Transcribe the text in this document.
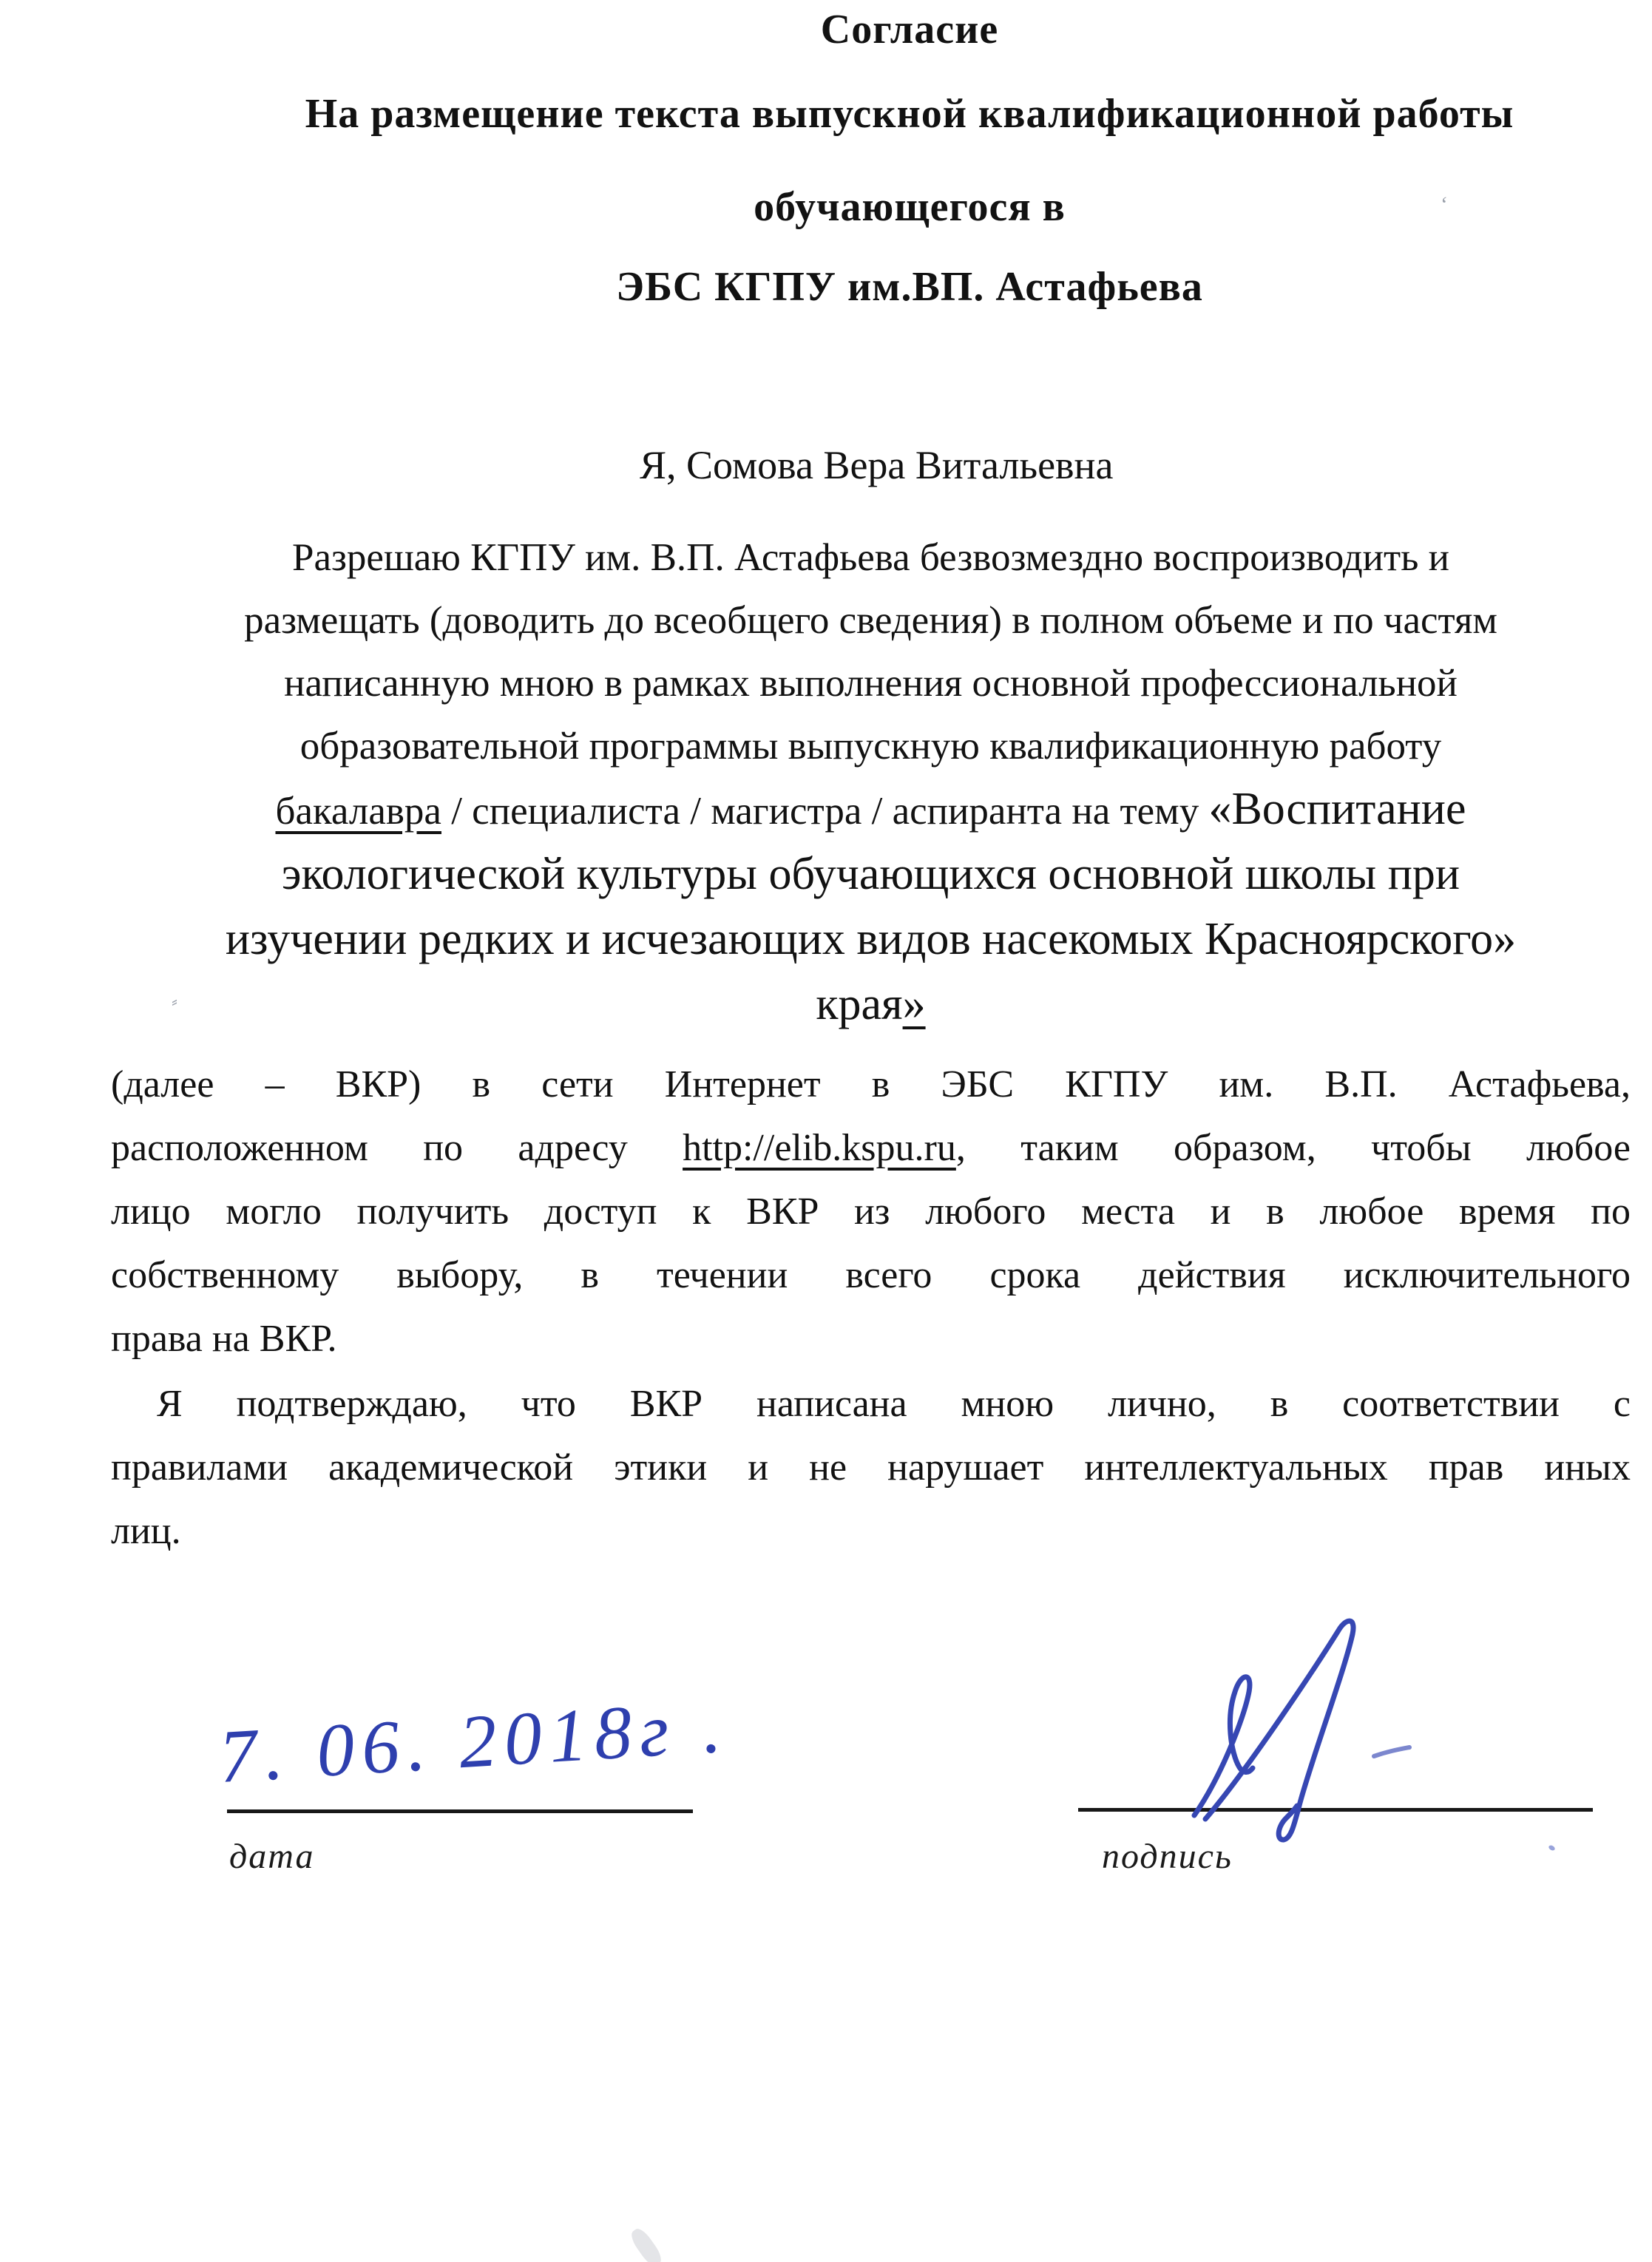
Согласие
На размещение текста выпускной квалификационной работы
обучающегося в
ЭБС КГПУ им.ВП. Астафьева
Я, Сомова Вера Витальевна
Разрешаю КГПУ им. В.П. Астафьева безвозмездно воспроизводить и
размещать (доводить до всеобщего сведения) в полном объеме и по частям
написанную мною в рамках выполнения основной профессиональной
образовательной программы выпускную квалификационную работу
бакалавра / специалиста / магистра / аспиранта на тему «Воспитание
экологической культуры обучающихся основной школы при
изучении редких и исчезающих видов насекомых Красноярского»
края»
(далее – ВКР) в сети Интернет в ЭБС КГПУ им. В.П. Астафьева,
расположенном по адресу http://elib.kspu.ru, таким образом, чтобы любое
лицо могло получить доступ к ВКР из любого места и в любое время по
собственному выбору, в течении всего срока действия исключительного
права на ВКР.
Я подтверждаю, что ВКР написана мною лично, в соответствии с
правилами академической этики и не нарушает интеллектуальных прав иных
лиц.
7. 06. 2018г .
дата	подпись
ʻ
⸗
